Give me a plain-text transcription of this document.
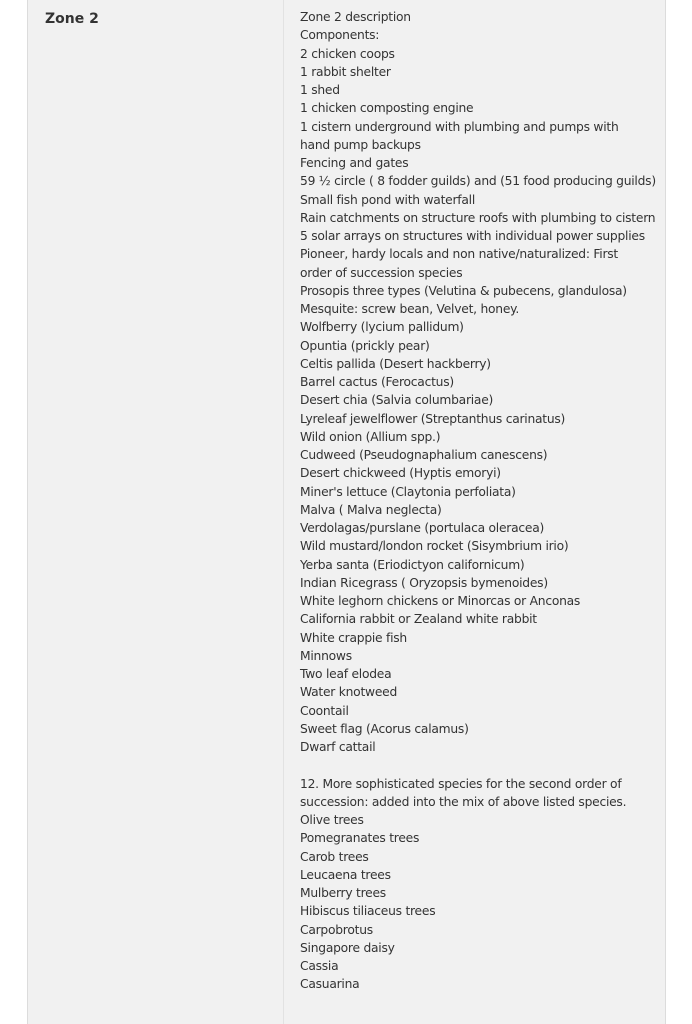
Zone 2	Zone 2 description
Components:
2 chicken coops
1 rabbit shelter
1 shed
1 chicken composting engine
1 cistern underground with plumbing and pumps with hand pump backups
Fencing and gates
59 ½ circle ( 8 fodder guilds) and (51 food producing guilds)
Small fish pond with waterfall
Rain catchments on structure roofs with plumbing to cistern
5 solar arrays on structures with individual power supplies
Pioneer, hardy locals and non native/naturalized: First order of succession species
Prosopis three types (Velutina & pubecens, glandulosa)
Mesquite: screw bean, Velvet, honey.
Wolfberry (lycium pallidum)
Opuntia (prickly pear)
Celtis pallida (Desert hackberry)
Barrel cactus (Ferocactus)
Desert chia (Salvia columbariae)
Lyreleaf jewelflower (Streptanthus carinatus)
Wild onion (Allium spp.)
Cudweed (Pseudognaphalium canescens)
Desert chickweed (Hyptis emoryi)
Miner's lettuce (Claytonia perfoliata)
Malva ( Malva neglecta)
Verdolagas/purslane (portulaca oleracea)
Wild mustard/london rocket (Sisymbrium irio)
Yerba santa (Eriodictyon californicum)
Indian Ricegrass ( Oryzopsis bymenoides)
White leghorn chickens or Minorcas or Anconas
California rabbit or Zealand white rabbit
White crappie fish
Minnows
Two leaf elodea
Water knotweed
Coontail
Sweet flag (Acorus calamus)
Dwarf cattail
12. More sophisticated species for the second order of succession: added into the mix of above listed species.
Olive trees
Pomegranates trees
Carob trees
Leucaena trees
Mulberry trees
Hibiscus tiliaceus trees
Carpobrotus
Singapore daisy
Cassia
Casuarina
